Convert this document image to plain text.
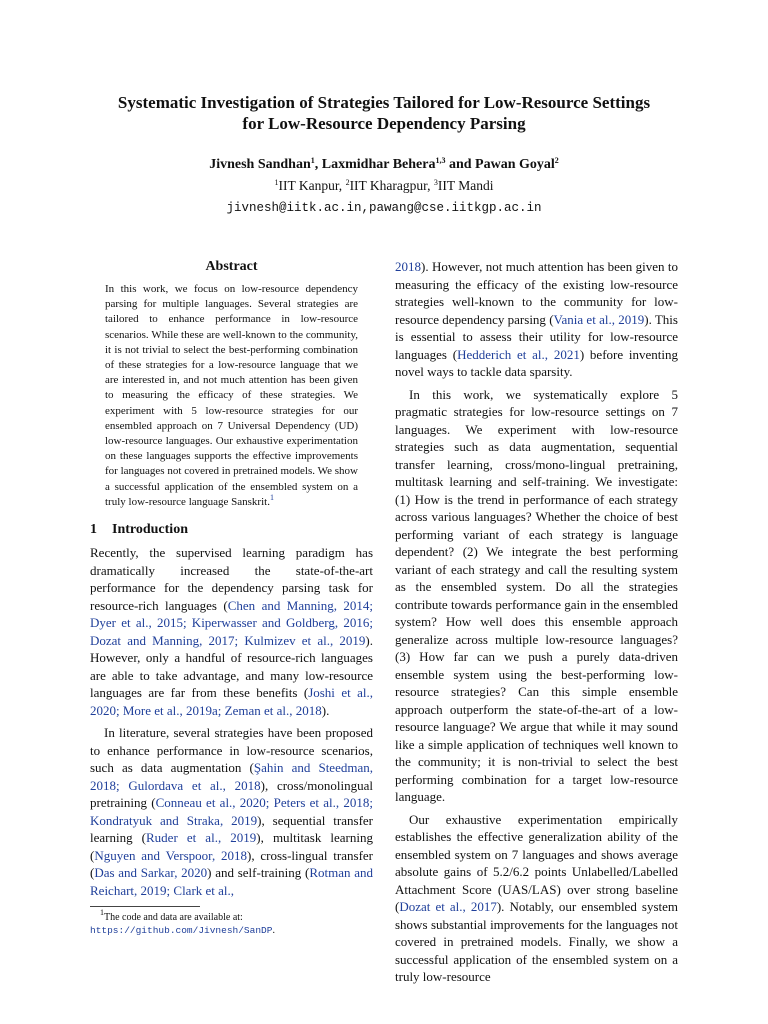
Systematic Investigation of Strategies Tailored for Low-Resource Settings
for Low-Resource Dependency Parsing
Jivnesh Sandhan$^1$, Laxmidhar Behera$^{1,3}$ and Pawan Goyal$^2$
$^1$IIT Kanpur, $^2$IIT Kharagpur, $^3$IIT Mandi
jivnesh@iitk.ac.in,pawang@cse.iitkgp.ac.in
Abstract
In this work, we focus on low-resource dependency parsing for multiple languages. Several strategies are tailored to enhance performance in low-resource scenarios. While these are well-known to the community, it is not trivial to select the best-performing combination of these strategies for a low-resource language that we are interested in, and not much attention has been given to measuring the efficacy of these strategies. We experiment with 5 low-resource strategies for our ensembled approach on 7 Universal Dependency (UD) low-resource languages. Our exhaustive experimentation on these languages supports the effective improvements for languages not covered in pretrained models. We show a successful application of the ensembled system on a truly low-resource language Sanskrit.$^1$
1 Introduction

Recently, the supervised learning paradigm has dramatically increased the state-of-the-art performance for the dependency parsing task for resource-rich languages (Chen and Manning, 2014; Dyer et al., 2015; Kiperwasser and Goldberg, 2016; Dozat and Manning, 2017; Kulmizev et al., 2019). However, only a handful of resource-rich languages are able to take advantage, and many low-resource languages are far from these benefits (Joshi et al., 2020; More et al., 2019a; Zeman et al., 2018).

In literature, several strategies have been proposed to enhance performance in low-resource scenarios, such as data augmentation (Şahin and Steedman, 2018; Gulordava et al., 2018), cross/monolingual pretraining (Conneau et al., 2020; Peters et al., 2018; Kondratyuk and Straka, 2019), sequential transfer learning (Ruder et al., 2019), multitask learning (Nguyen and Verspoor, 2018), cross-lingual transfer (Das and Sarkar, 2020) and self-training (Rotman and Reichart, 2019; Clark et al.,

2018). However, not much attention has been given to measuring the efficacy of the existing low-resource strategies well-known to the community for low-resource dependency parsing (Vania et al., 2019). This is essential to assess their utility for low-resource languages (Hedderich et al., 2021) before inventing novel ways to tackle data sparsity.

In this work, we systematically explore 5 pragmatic strategies for low-resource settings on 7 languages. We experiment with low-resource strategies such as data augmentation, sequential transfer learning, cross/mono-lingual pretraining, multitask learning and self-training. We investigate: (1) How is the trend in performance of each strategy across various languages? Whether the choice of best performing variant of each strategy is language dependent? (2) We integrate the best performing variant of each strategy and call the resulting system as the ensembled system. Do all the strategies contribute towards performance gain in the ensembled system? How well does this ensemble approach generalize across multiple low-resource languages? (3) How far can we push a purely data-driven ensemble system using the best-performing low-resource strategies? Can this simple ensemble approach outperform the state-of-the-art of a low-resource language? We argue that while it may sound like a simple application of techniques well known to the community; it is non-trivial to select the best performing combination for a target low-resource language.

Our exhaustive experimentation empirically establishes the effective generalization ability of the ensembled system on 7 languages and shows average absolute gains of 5.2/6.2 points Unlabelled/Labelled Attachment Score (UAS/LAS) over strong baseline (Dozat et al., 2017). Notably, our ensembled system shows substantial improvements for the languages not covered in pretrained models. Finally, we show a successful application of the ensembled system on a truly low-resource

$^1$The code and data are available at: https://github.com/Jivnesh/SanDP.
